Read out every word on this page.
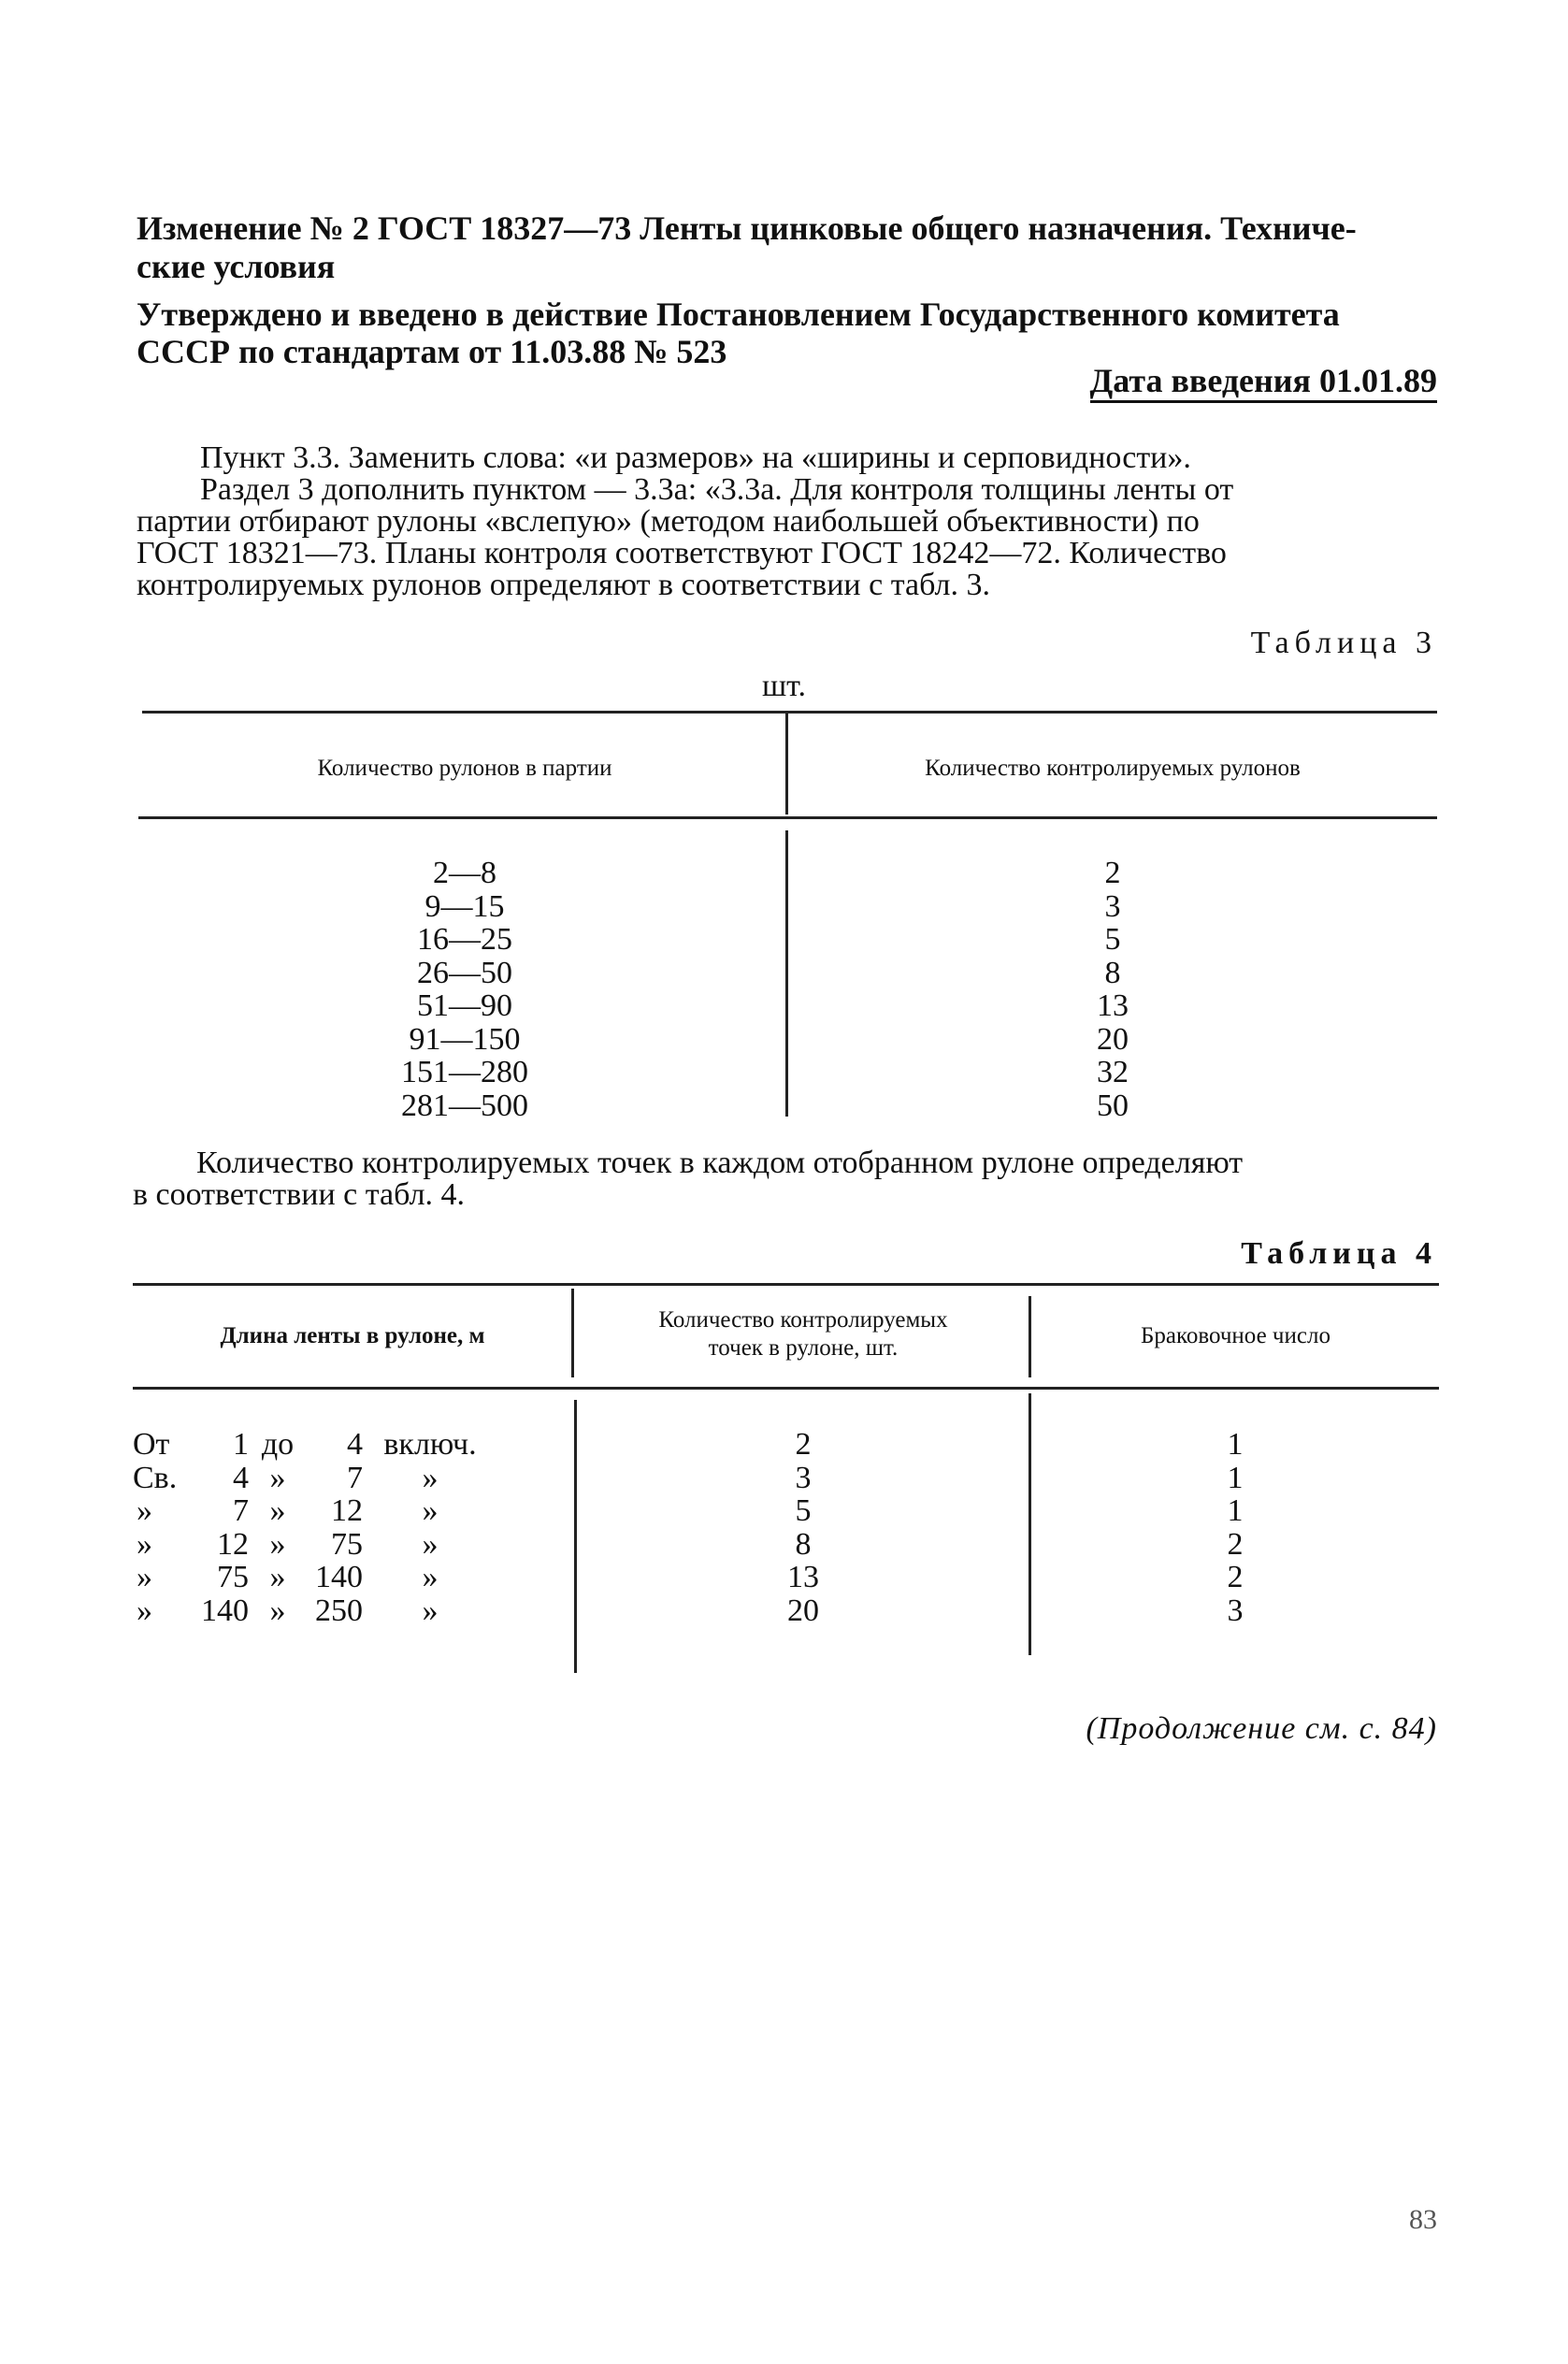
Изменение № 2 ГОСТ 18327—73 Ленты цинковые общего назначения. Техниче-
ские условия
Утверждено и введено в действие Постановлением Государственного комитета
СССР по стандартам от 11.03.88 № 523
Дата введения 01.01.89
Пункт 3.3. Заменить слова: «и размеров» на «ширины и серповидности».
Раздел 3 дополнить пунктом — 3.3а: «3.3а. Для контроля толщины ленты от
партии отбирают рулоны «вслепую» (методом наибольшей объективности) по
ГОСТ 18321—73. Планы контроля соответствуют ГОСТ 18242—72. Количество
контролируемых рулонов определяют в соответствии с табл. 3.
Таблица 3
шт.
Количество рулонов в партии	Количество контролируемых рулонов
2—8
9—15
16—25
26—50
51—90
91—150
151—280
281—500
2
3
5
8
13
20
32
50
Количество контролируемых точек в каждом отобранном рулоне определяют
в соответствии с табл. 4.
Таблица 4
Длина ленты в рулоне, м
Количество контролируемых
точек в рулоне, шт.	Браковочное число
От
Св.
»
»
»
»
1
4
7
12
75
140
до
»
»
»
»
»
4
7
12
75
140
250
включ.
»
»
»
»
»
2
3
5
8
13
20
1
1
1
2
2
3
(Продолжение см. с. 84)
83
